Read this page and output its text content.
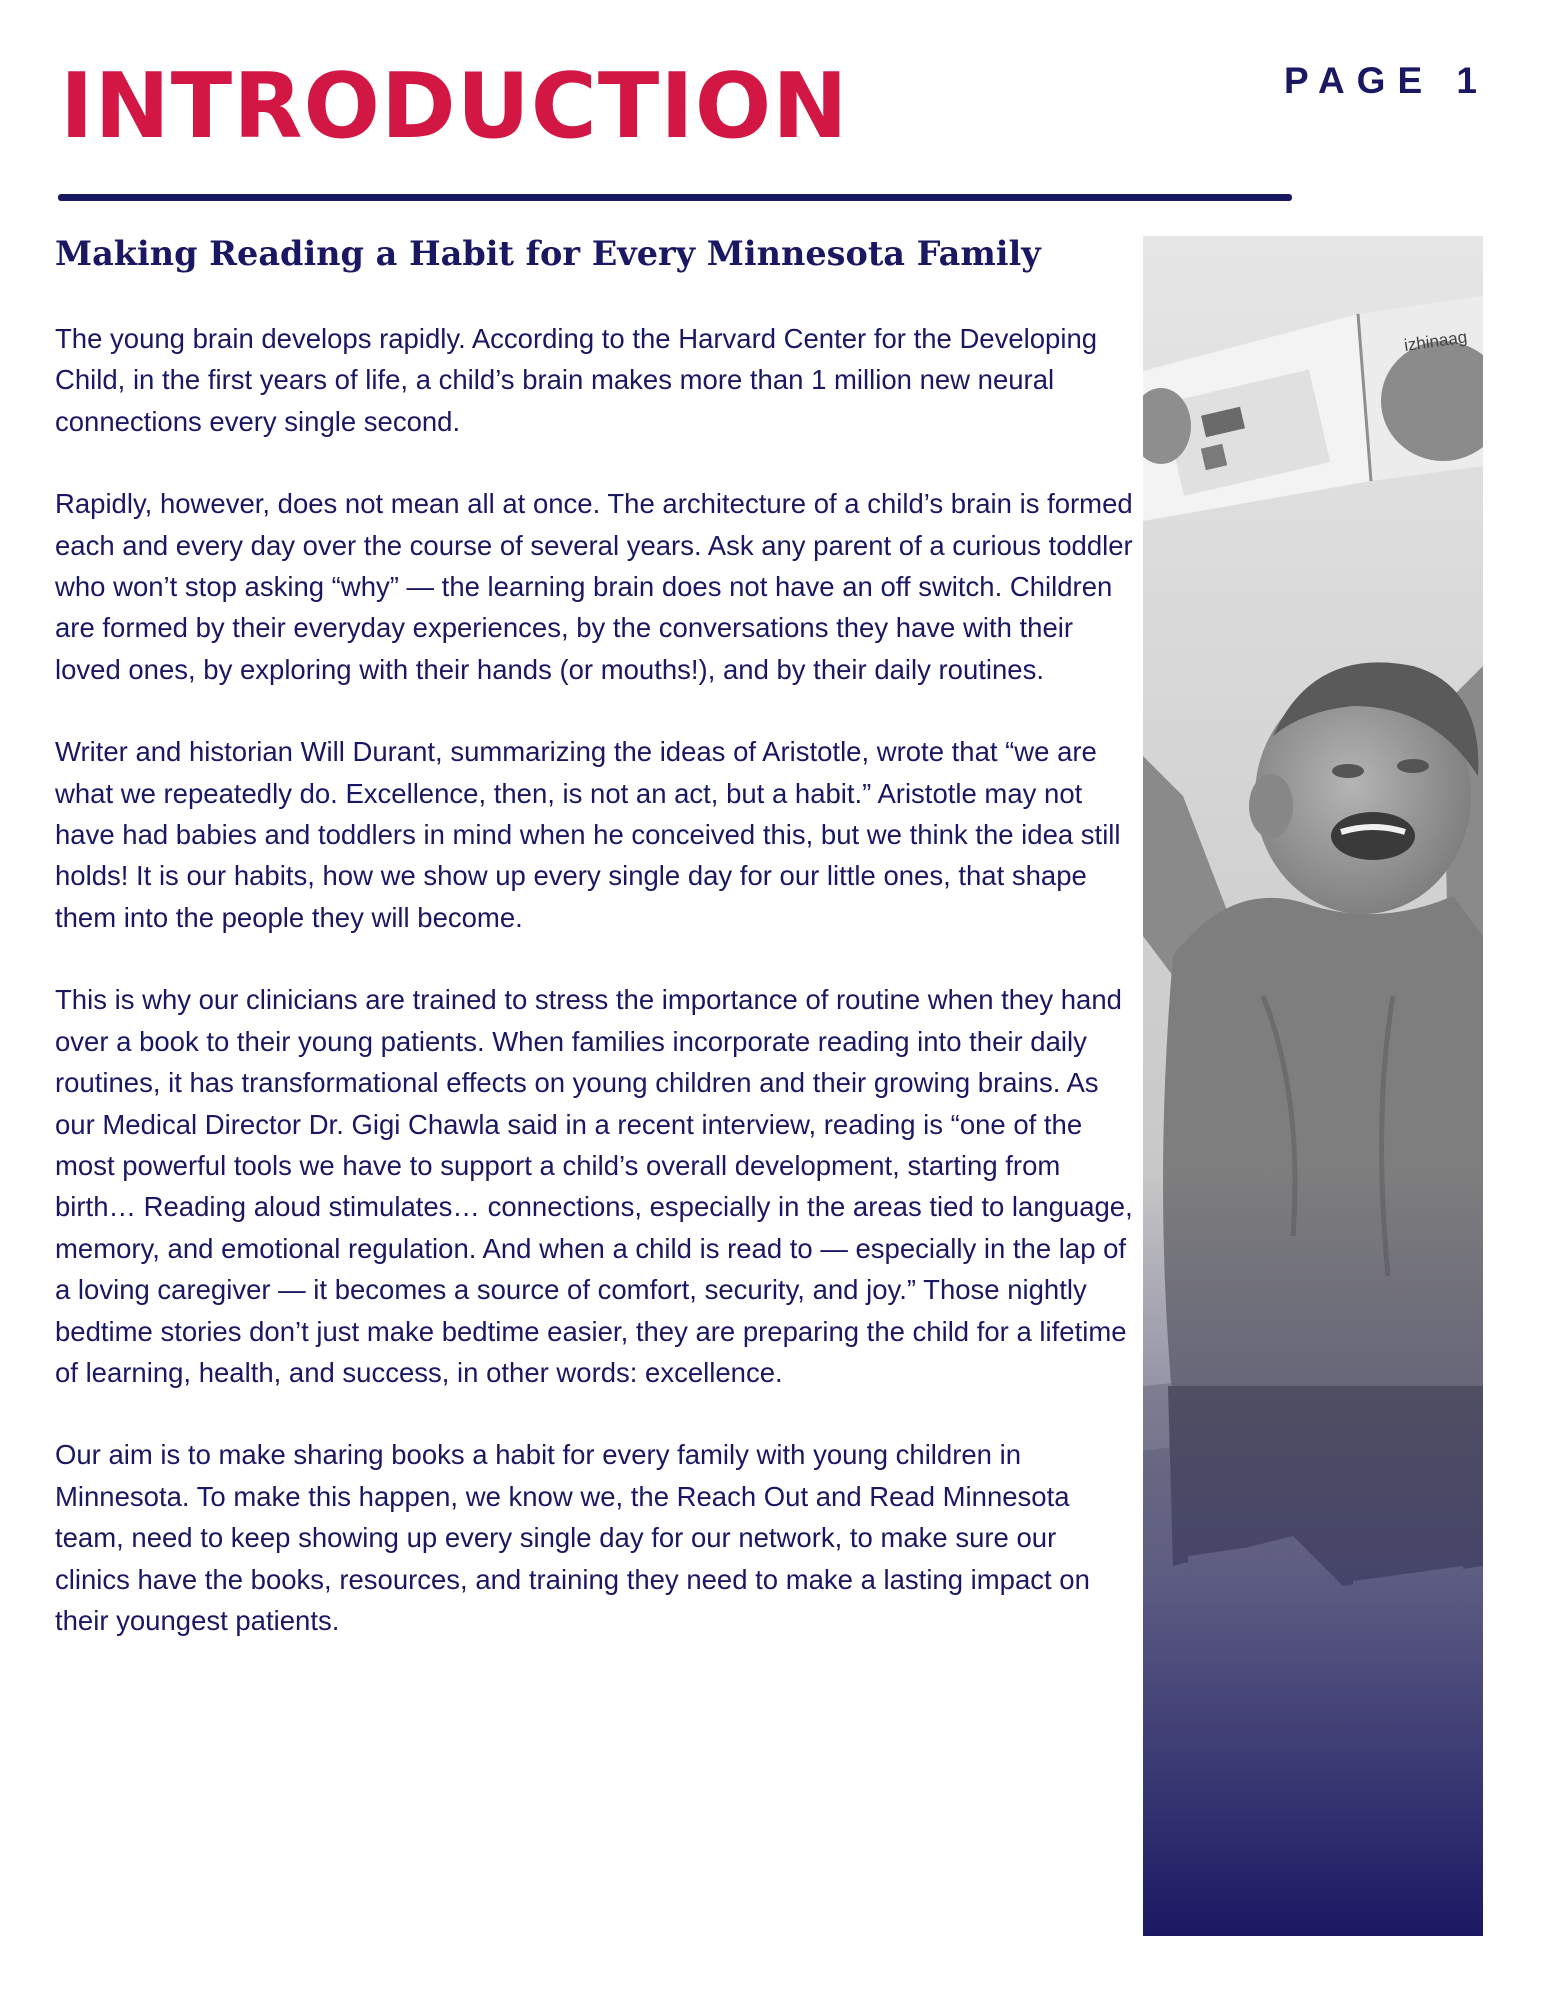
INTRODUCTION	PAGE 1
Making Reading a Habit for Every Minnesota Family

The young brain develops rapidly. According to the Harvard Center for the Developing Child, in the first years of life, a child’s brain makes more than 1 million new neural connections every single second.

Rapidly, however, does not mean all at once. The architecture of a child’s brain is formed each and every day over the course of several years. Ask any parent of a curious toddler who won’t stop asking “why” — the learning brain does not have an off switch. Children are formed by their everyday experiences, by the conversations they have with their loved ones, by exploring with their hands (or mouths!), and by their daily routines.

Writer and historian Will Durant, summarizing the ideas of Aristotle, wrote that “we are what we repeatedly do. Excellence, then, is not an act, but a habit.” Aristotle may not have had babies and toddlers in mind when he conceived this, but we think the idea still holds! It is our habits, how we show up every single day for our little ones, that shape them into the people they will become.

This is why our clinicians are trained to stress the importance of routine when they hand over a book to their young patients. When families incorporate reading into their daily routines, it has transformational effects on young children and their growing brains. As our Medical Director Dr. Gigi Chawla said in a recent interview, reading is “one of the most powerful tools we have to support a child’s overall development, starting from birth… Reading aloud stimulates… connections, especially in the areas tied to language, memory, and emotional regulation. And when a child is read to — especially in the lap of a loving caregiver — it becomes a source of comfort, security, and joy.” Those nightly bedtime stories don’t just make bedtime easier, they are preparing the child for a lifetime of learning, health, and success, in other words: excellence.

Our aim is to make sharing books a habit for every family with young children in Minnesota. To make this happen, we know we, the Reach Out and Read Minnesota team, need to keep showing up every single day for our network, to make sure our clinics have the books, resources, and training they need to make a lasting impact on their youngest patients.
